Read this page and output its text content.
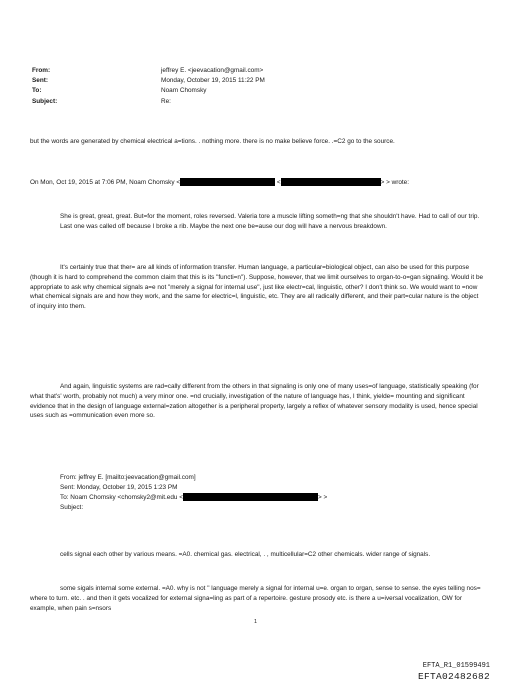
From:	jeffrey E. <jeevacation@gmail.com>
Sent:	Monday, October 19, 2015 11:22 PM
To:	Noam Chomsky
Subject:	Re:

but the words are generated by chemical electrical a=tions. . nothing more. there is no make believe force. .=C2 go to the source.

On Mon, Oct 19, 2015 at 7:06 PM, Noam Chomsky <	<	> > wrote:

She is great, great, great. But=for the moment, roles reversed. Valeria tore a muscle lifting someth=ng that she shouldn't have. Had to call of our trip. Last one was called off because I broke a rib. Maybe the next one be=ause our dog will have a nervous breakdown.

It's certainly true that ther= are all kinds of information transfer. Human language, a particular=biological object, can also be used for this purpose (though it is hard to comprehend the common claim that this is its "functi=n"). Suppose, however, that we limit ourselves to organ-to-o=gan signaling. Would it be appropriate to ask why chemical signals a=e not "merely a signal for internal use", just like electr=cal, linguistic, other? I don't think so. We would want to =now what chemical signals are and how they work, and the same for electric=l, linguistic, etc. They are all radically different, and their part=cular nature is the object of inquiry into them.

And again, linguistic systems are rad=cally different from the others in that signaling is only one of many uses=of language, statistically speaking (for what that's' worth, probably not much) a very minor one. =nd crucially, investigation of the nature of language has, I think, yielde= mounting and significant evidence that in the design of language external=zation altogether is a peripheral property, largely a reflex of whatever sensory modality is used, hence special uses such as =ommunication even more so.

From: jeffrey E. [mailto:jeevacation@gmail.com]
Sent: Monday, October 19, 2015 1:23 PM
To: Noam Chomsky <chomsky2@mit.edu <	> >
Subject:

cells signal each other by various means. =A0. chemical gas. electrical, . , multicellular=C2 other chemicals. wider range of signals.

some sigals internal some external. =A0. why is not " language merely a signal for internal u=e. organ to organ, sense to sense. the eyes telling nos= where to turn. etc. . and then it gets vocalized for external signa=ling as part of a repertoire. gesture prosody etc. is there a u=iversal vocalization, OW for example, when pain s=nsors

1
EFTA_R1_01599491
EFTA02482682
